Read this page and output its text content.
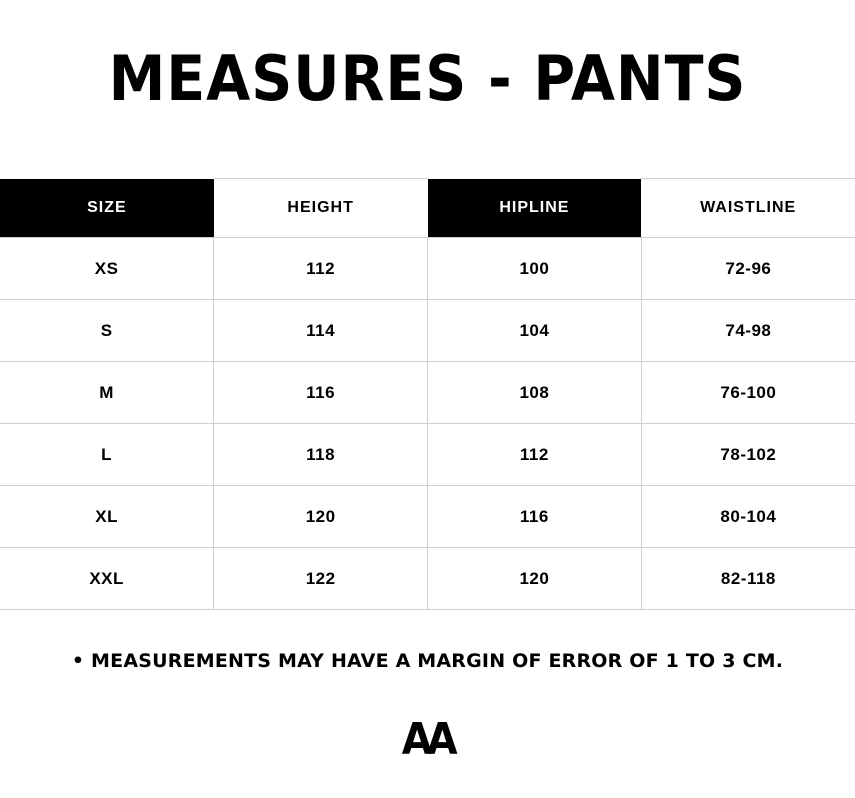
MEASURES - PANTS
SIZE	HEIGHT	HIPLINE	WAISTLINE
XS	112	100	72-96
S	114	104	74-98
M	116	108	76-100
L	118	112	78-102
XL	120	116	80-104
XXL	122	120	82-118
• MEASUREMENTS MAY HAVE A MARGIN OF ERROR OF 1 TO 3 CM.
AA
